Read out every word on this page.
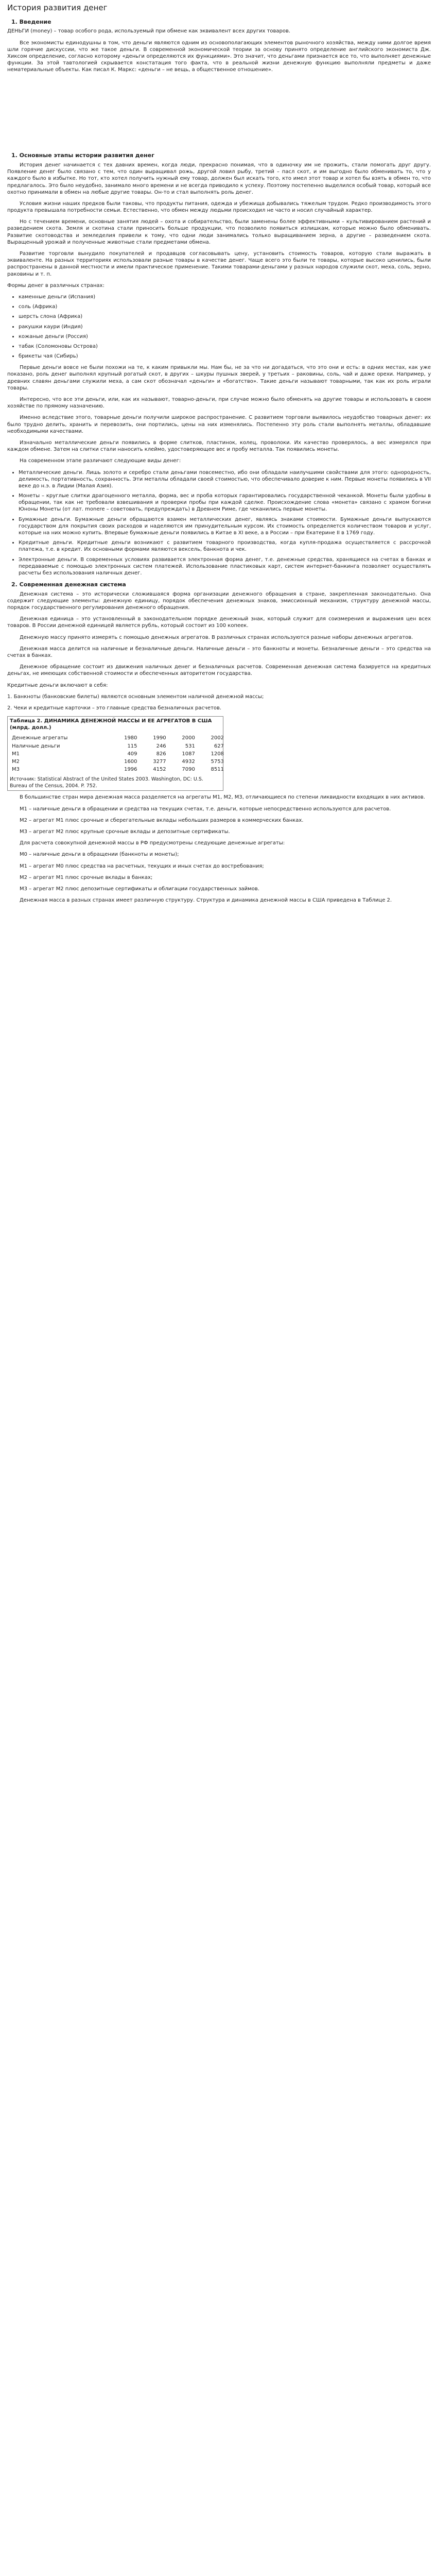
История развития денег
1. Введение

ДЕНЬГИ (money) – товар особого рода, используемый при обмене как эквивалент всех других товаров.

Все экономисты единодушны в том, что деньги являются одним из основополагающих элементов рыночного хозяйства, между ними долгое время шли горячие дискуссии, что же такое деньги. В современной экономической теории за основу принято определение английского экономиста Дж. Хиксом определение, согласно которому «деньги определяются их функциями». Это значит, что деньгами признается все то, что выполняет денежные функции. За этой тавтологией скрывается констатация того факта, что в реальной жизни денежную функцию выполняли предметы и даже нематериальные объекты. Как писал К. Маркс: «деньги – не вещь, а общественное отношение».

1. Основные этапы истории развития денег

История денег начинается с тех давних времен, когда люди, прекрасно понимая, что в одиночку им не прожить, стали помогать друг другу. Появление денег было связано с тем, что один выращивал рожь, другой ловил рыбу, третий – пасл скот, и им выгодно было обменивать то, что у каждого было в избытке. Но тот, кто хотел получить нужный ему товар, должен был искать того, кто имел этот товар и хотел бы взять в обмен то, что предлагалось. Это было неудобно, занимало много времени и не всегда приводило к успеху. Поэтому постепенно выделился особый товар, который все охотно принимали в обмен на любые другие товары. Он-то и стал выполнять роль денег.

Условия жизни наших предков были таковы, что продукты питания, одежда и убежища добывались тяжелым трудом. Редко производимость этого продукта превышала потребности семьи. Естественно, что обмен между людьми происходил не часто и носил случайный характер.

Но с течением времени, основные занятия людей – охота и собирательство, были заменены более эффективными – культивированием растений и разведением скота. Земля и скотина стали приносить больше продукции, что позволило появиться излишкам, которые можно было обменивать. Развитие скотоводства и земледелия привели к тому, что одни люди занимались только выращиванием зерна, а другие – разведением скота. Выращенный урожай и полученные животные стали предметами обмена.

Развитие торговли вынудило покупателей и продавцов согласовывать цену, установить стоимость товаров, которую стали выражать в эквиваленте. На разных территориях использовали разные товары в качестве денег. Чаще всего это были те товары, которые высоко ценились, были распространены в данной местности и имели практическое применение. Такими товарами-деньгами у разных народов служили скот, меха, соль, зерно, раковины и т. п.

Формы денег в различных странах:

• каменные деньги (Испания)
• соль (Африка)
• шерсть слона (Африка)
• ракушки каури (Индия)
• кожаные деньги (Россия)
• табак (Соломоновы Острова)
• брикеты чая (Сибирь)

Первые деньги вовсе не были похожи на те, к каким привыкли мы. Нам бы, не за что ни догадаться, что это они и есть: в одних местах, как уже показано, роль денег выполнял крупный рогатый скот, в других – шкуры пушных зверей, у третьих – раковины, соль, чай и даже орехи. Например, у древних славян деньгами служили меха, а сам скот обозначал «деньги» и «богатство». Такие деньги называют товарными, так как их роль играли товары.

Интересно, что все эти деньги, или, как их называют, товарно-деньги, при случае можно было обменять на другие товары и использовать в своем хозяйстве по прямому назначению.

Именно вследствие этого, товарные деньги получили широкое распространение. С развитием торговли выявилось неудобство товарных денег: их было трудно делить, хранить и перевозить, они портились, цены на них изменялись. Постепенно эту роль стали выполнять металлы, обладавшие необходимыми качествами.

Изначально металлические деньги появились в форме слитков, пластинок, колец, проволоки. Их качество проверялось, а вес измерялся при каждом обмене. Затем на слитки стали наносить клеймо, удостоверяющее вес и пробу металла. Так появились монеты.

На современном этапе различают следующие виды денег:

• Металлические деньги. Лишь золото и серебро стали деньгами повсеместно, ибо они обладали наилучшими свойствами для этого: однородность, делимость, портативность, сохранность. Эти металлы обладали своей стоимостью, что обеспечивало доверие к ним. Первые монеты появились в VII веке до н.э. в Лидии (Малая Азия).
• Монеты – круглые слитки драгоценного металла, форма, вес и проба которых гарантировались государственной чеканкой. Монеты были удобны в обращении, так как не требовали взвешивания и проверки пробы при каждой сделке. Происхождение слова «монета» связано с храмом богини Юноны Монеты (от лат. monere – советовать, предупреждать) в Древнем Риме, где чеканились первые монеты.
• Бумажные деньги. Бумажные деньги обращаются взамен металлических денег, являясь знаками стоимости. Бумажные деньги выпускаются государством для покрытия своих расходов и наделяются им принудительным курсом. Их стоимость определяется количеством товаров и услуг, которые на них можно купить. Впервые бумажные деньги появились в Китае в XI веке, а в России – при Екатерине II в 1769 году.
• Кредитные деньги. Кредитные деньги возникают с развитием товарного производства, когда купля-продажа осуществляется с рассрочкой платежа, т.е. в кредит. Их основными формами являются вексель, банкнота и чек.
• Электронные деньги. В современных условиях развивается электронная форма денег, т.е. денежные средства, хранящиеся на счетах в банках и передаваемые с помощью электронных систем платежей. Использование пластиковых карт, систем интернет-банкинга позволяет осуществлять расчеты без использования наличных денег.
2. Современная денежная система

Денежная система – это исторически сложившаяся форма организации денежного обращения в стране, закрепленная законодательно. Она содержит следующие элементы: денежную единицу, порядок обеспечения денежных знаков, эмиссионный механизм, структуру денежной массы, порядок государственного регулирования денежного обращения.

Денежная единица – это установленный в законодательном порядке денежный знак, который служит для соизмерения и выражения цен всех товаров. В России денежной единицей является рубль, который состоит из 100 копеек.

Денежную массу принято измерять с помощью денежных агрегатов. В различных странах используются разные наборы денежных агрегатов.

Денежная масса делится на наличные и безналичные деньги. Наличные деньги – это банкноты и монеты. Безналичные деньги – это средства на счетах в банках.

Денежное обращение состоит из движения наличных денег и безналичных расчетов. Современная денежная система базируется на кредитных деньгах, не имеющих собственной стоимости и обеспеченных авторитетом государства.

Кредитные деньги включают в себя:

1. Банкноты (банковские билеты) являются основным элементом наличной денежной массы;

2. Чеки и кредитные карточки – это главные средства безналичных расчетов.

Таблица 2. ДИНАМИКА ДЕНЕЖНОЙ МАССЫ И ЕЕ АГРЕГАТОВ В США (млрд. долл.)
Денежные агрегаты	1980	1990	2000	2002
Наличные деньги	115	246	531	627
M1	409	826	1087	1208
M2	1600	3277	4932	5753
M3	1996	4152	7090	8511
Источник: Statistical Abstract of the United States 2003. Washington, DC: U.S. Bureau of the Census, 2004. P. 752.

В большинстве стран мира денежная масса разделяется на агрегаты М1, М2, М3, отличающиеся по степени ликвидности входящих в них активов.

М1 – наличные деньги в обращении и средства на текущих счетах, т.е. деньги, которые непосредственно используются для расчетов.

М2 – агрегат М1 плюс срочные и сберегательные вклады небольших размеров в коммерческих банках.

М3 – агрегат М2 плюс крупные срочные вклады и депозитные сертификаты.

Для расчета совокупной денежной массы в РФ предусмотрены следующие денежные агрегаты:

М0 – наличные деньги в обращении (банкноты и монеты);

М1 – агрегат М0 плюс средства на расчетных, текущих и иных счетах до востребования;

М2 – агрегат М1 плюс срочные вклады в банках;

М3 – агрегат М2 плюс депозитные сертификаты и облигации государственных займов.

Денежная масса в разных странах имеет различную структуру. Структура и динамика денежной массы в США приведена в Таблице 2.
